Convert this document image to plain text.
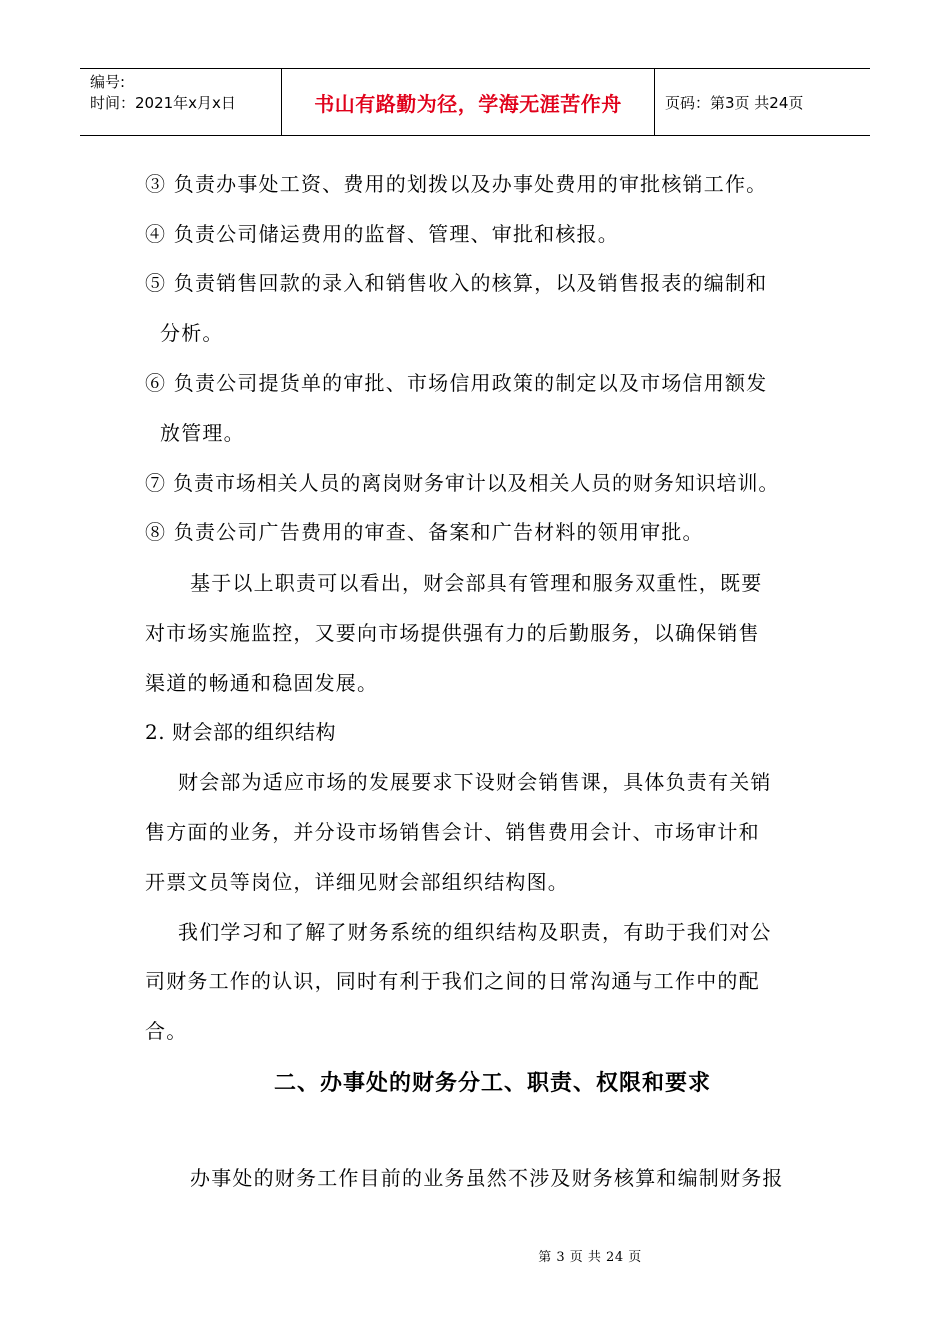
编号:
时间：2021年x月x日	书山有路勤为径，学海无涯苦作舟	页码：第3页 共24页
③ 负责办事处工资、费用的划拨以及办事处费用的审批核销工作。
④ 负责公司储运费用的监督、管理、审批和核报。
⑤ 负责销售回款的录入和销售收入的核算，以及销售报表的编制和
分析。
⑥ 负责公司提货单的审批、市场信用政策的制定以及市场信用额发
放管理。
⑦ 负责市场相关人员的离岗财务审计以及相关人员的财务知识培训。
⑧ 负责公司广告费用的审查、备案和广告材料的领用审批。
基于以上职责可以看出，财会部具有管理和服务双重性，既要
对市场实施监控，又要向市场提供强有力的后勤服务，以确保销售
渠道的畅通和稳固发展。
2. 财会部的组织结构
财会部为适应市场的发展要求下设财会销售课，具体负责有关销
售方面的业务，并分设市场销售会计、销售费用会计、市场审计和
开票文员等岗位，详细见财会部组织结构图。
我们学习和了解了财务系统的组织结构及职责，有助于我们对公
司财务工作的认识，同时有利于我们之间的日常沟通与工作中的配
合。
二、办事处的财务分工、职责、权限和要求
办事处的财务工作目前的业务虽然不涉及财务核算和编制财务报
第 3 页 共 24 页
